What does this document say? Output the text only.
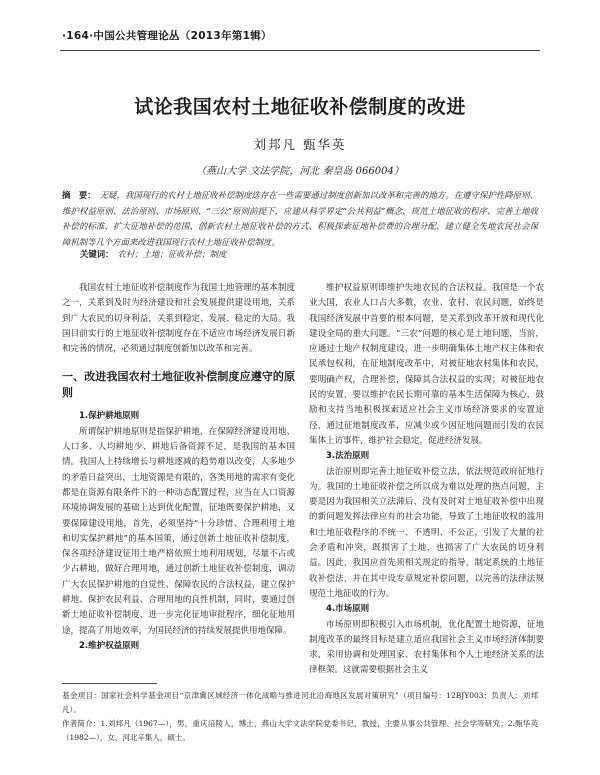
·164·中国公共管理论丛（2013年第1辑）
试论我国农村土地征收补偿制度的改进
刘邦凡 甄华英
（燕山大学 文法学院，河北 秦皇岛 066004）
摘　要： 无疑，我国现行的农村土地征收补偿制度迭存在一些需要通过制度创新加以改革和完善的地方。在遵守保护性降原则、维护权益原则、法治原则、市场原则、“三公”原则前提下，应建从科学界定“公共利益”概念、规范土地征收的程序、完善土地收补偿的标准、扩大征地补偿的范围、创新农村土地征收补偿的方式、积极探索征地补偿费的合理分配、建立健全失地农民社会保障机制等几个方面来改进我国现行农村土地征收补偿制度。
关键词： 农村；土地；征收补偿；制度

我国农村土地征收补偿制度作为我国土地管理的基本制度之一，关系到及时为经济建设和社会发展提供建设用地，关系到广大农民的切身利益，关系到稳定、发展、稳定的大局。我国目前实行的土地征收补偿制度存在不适应市场经济发展日新和完善的情况，必须通过制度创新加以改革和完善。

一、改进我国农村土地征收补偿制度应遵守的原则

1.保护耕地原则

所谓保护耕地原则是指保护耕地，在保障经济建设用地、人口多、人均耕地少、耕地后备资源不足，是我国的基本国情。我国人上持续增长与耕地逐减的趋势难以改变，人多地少的矛盾日益突出，土地资源是有限的，各类用地的需求有变化都是在资源有限条件下的一种动态配置过程，应当在人口资源环境协调发展的基础上达到优化配置，征地既要保护耕地，又要保障建设用地，首先，必须坚持“十分珍惜、合理利用土地和切实保护耕地”的基本国策，通过创新土地征收补偿制度，保各项经济建设征用土地严格依照土地利用规划，尽量不占或少占耕地，做好合理用地，通过创新土地征收补偿制度，调动广大农民保护耕地的自觉性、保障农民的合法权益，建立保护耕地、保护农民利益、合理用地的良性机制，同时，要通过创新土地征收补偿制度，进一步完化征地审批程序，细化征地用途，提高了用地效率，为国民经济的持续发展提供用地保障。

2.维护权益原则

维护权益原则即维护失地农民的合法权益。我国是一个农业大国，农业人口占大多数，农业、农村、农民问题，始终是我国经济发展中首要的根本问题，是关系到改革开放和现代化建设全局的重大问题。“三农”问题的核心是土地问题，当前，应通过土地产权制度建设，进一步明确集体土地产权主体和农民承包权利，在征地制度改革中，对被征地农村集体和农民，要明确产权，合理补偿，保障其合法权益的实现；对被征地农民的安置，要以维护农民长期可靠的基本生活保障为核心，鼓励和支持当地积极探索适应社会主义市场经济要求的安置途径，通过征地制度改革，应减少或少因征地问题而引发的农民集体上访事件，维护社会稳定，促进经济发展。

3.法治原则

法治原则即完善土地征收补偿立法，依法规范政府征地行为。我国的土地征收补偿之所以成为难以处理的热点问题，主要是因为我国相关立法滞后、没有及时对土地征收补偿中出现的新问题发挥法律应有的社会功能，导致了土地征收权的滥用和土地征收程序的不统一、不透明、不公正，引发了大量的社会矛盾和冲突，既损害了土地，也损害了广大农民的切身利益。因此，我国应首先须相关规定的指导，制定系统的土地征收补偿法，并在其中设专章规定补偿问题，以完善的法律法规规范土地征收的行为。

4.市场原则

市场原则即积极引入市场机制，优化配置土地资源，征地制度改革的最终目标是建立适应我国社会主义市场经济体制要求，采用协调和处理国家、农村集体和个人土地经济关系的法律框架。这就需要根据社会主义

基金项目：国家社会科学基金项目“京津冀区域经济一体化战略与推进河北沿海地区发展对策研究”（项目编号：12BJY003；负责人：刘邦凡）。

作者简介：1.刘邦凡（1967—），男，重庆涪陵人，博士，燕山大学文法学院党委书记，教授，主要从事公共管理、社会学等研究；2.甄华英（1982—），女，河北辛集人，硕士。
